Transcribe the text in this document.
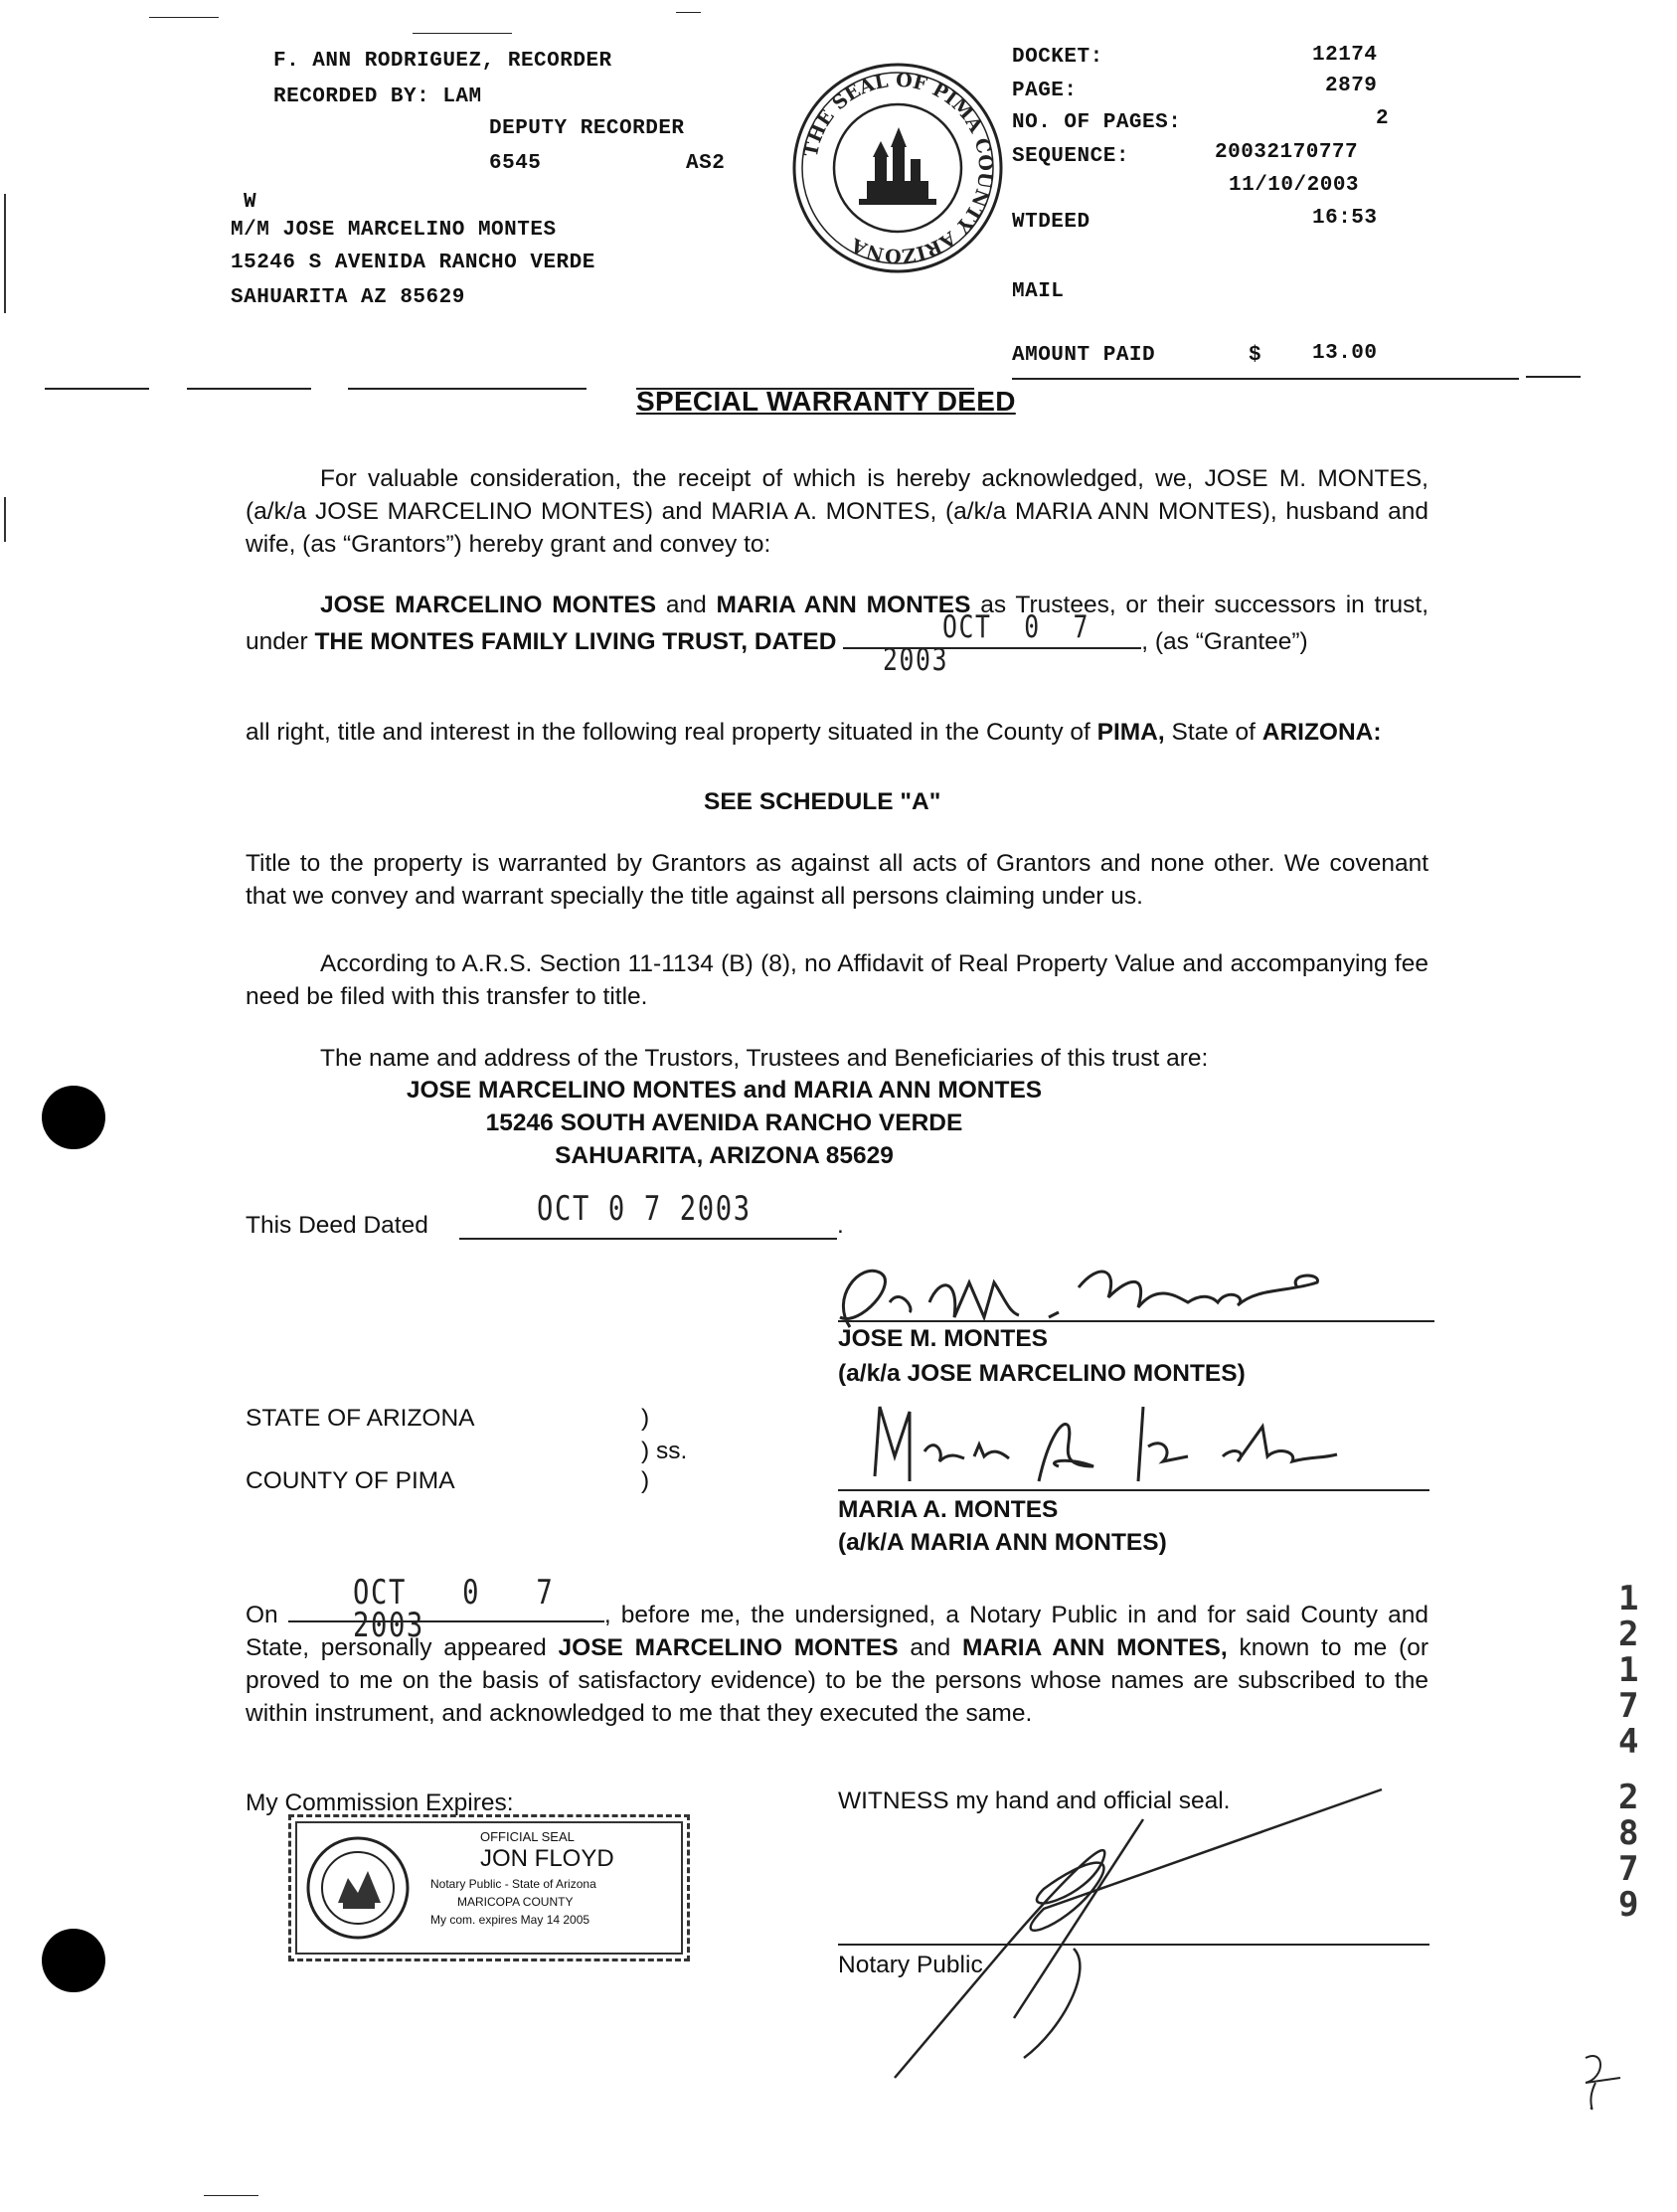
F. ANN RODRIGUEZ, RECORDER
RECORDED BY: LAM
DEPUTY RECORDER
6545	AS2
W
M/M JOSE MARCELINO MONTES
15246 S AVENIDA RANCHO VERDE
SAHUARITA AZ 85629
THE SEAL OF PIMA COUNTY ARIZONA
DOCKET:	12174
PAGE:	2879
NO. OF PAGES:	2
SEQUENCE:	20032170777
11/10/2003
WTDEED	16:53
MAIL
AMOUNT PAID	$ 13.00
SPECIAL WARRANTY DEED
For valuable consideration, the receipt of which is hereby acknowledged, we, JOSE M. MONTES, (a/k/a JOSE MARCELINO MONTES) and MARIA A. MONTES, (a/k/a MARIA ANN MONTES), husband and wife, (as “Grantors”) hereby grant and convey to:
JOSE MARCELINO MONTES and MARIA ANN MONTES as Trustees, or their successors in trust, under THE MONTES FAMILY LIVING TRUST, DATED	OCT 0 7 2003
, (as “Grantee”)
all right, title and interest in the following real property situated in the County of PIMA, State of ARIZONA:
SEE SCHEDULE "A"
Title to the property is warranted by Grantors as against all acts of Grantors and none other. We covenant that we convey and warrant specially the title against all persons claiming under us.
According to A.R.S. Section 11-1134 (B) (8), no Affidavit of Real Property Value and accompanying fee need be filed with this transfer to title.
The name and address of the Trustors, Trustees and Beneficiaries of this trust are:
JOSE MARCELINO MONTES and MARIA ANN MONTES
15246 SOUTH AVENIDA RANCHO VERDE
SAHUARITA, ARIZONA 85629
This Deed Dated	OCT 0 7 2003	.
JOSE M. MONTES
(a/k/a JOSE MARCELINO MONTES)
STATE OF ARIZONA	)
) ss.
COUNTY OF PIMA	)
MARIA A. MONTES
(a/k/A MARIA ANN MONTES)
On
OCT 0 7 2003	, before me, the undersigned, a Notary Public in and for said County and State, personally appeared JOSE MARCELINO MONTES and MARIA ANN MONTES, known to me (or proved to me on the basis of satisfactory evidence) to be the persons whose names are subscribed to the within instrument, and acknowledged to me that they executed the same.
My Commission Expires:
OFFICIAL SEAL
JON FLOYD
Notary Public - State of Arizona
MARICOPA COUNTY
My com. expires May 14 2005
WITNESS my hand and official seal.
Notary Public
1
2
1
7
4
2
8
7
9
